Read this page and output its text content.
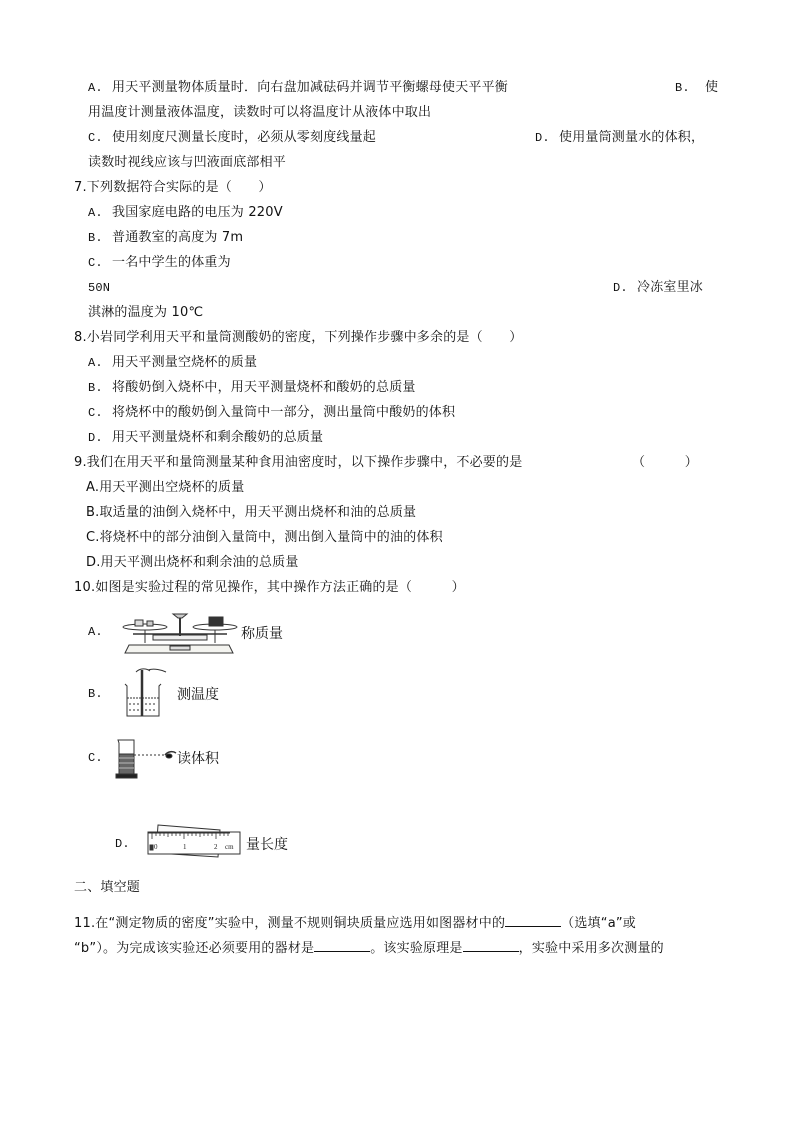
A. 用天平测量物体质量时．向右盘加减砝码并调节平衡螺母使天平平衡	B. 使
用温度计测量液体温度，读数时可以将温度计从液体中取出
C. 使用刻度尺测量长度时，必须从零刻度线量起	D. 使用量筒测量水的体积，
读数时视线应该与凹液面底部相平
7.下列数据符合实际的是（　　）
A. 我国家庭电路的电压为 220V
B. 普通教室的高度为 7m
C. 一名中学生的体重为
50N	D. 冷冻室里冰
淇淋的温度为 10℃
8.小岩同学利用天平和量筒测酸奶的密度，下列操作步骤中多余的是（　　）
A. 用天平测量空烧杯的质量
B. 将酸奶倒入烧杯中，用天平测量烧杯和酸奶的总质量
C. 将烧杯中的酸奶倒入量筒中一部分，测出量筒中酸奶的体积
D. 用天平测量烧杯和剩余酸奶的总质量
9.我们在用天平和量筒测量某种食用油密度时，以下操作步骤中，不必要的是	（　　　）
A.用天平测出空烧杯的质量
B.取适量的油倒入烧杯中，用天平测出烧杯和油的总质量
C.将烧杯中的部分油倒入量筒中，测出倒入量筒中的油的体积
D.用天平测出烧杯和剩余油的总质量
10.如图是实验过程的常见操作，其中操作方法正确的是（　　　）
A.	称质量
B.	测温度
C.	读体积
D.	0	1	2 cm 量长度
二、填空题
11.在“测定物质的密度”实验中，测量不规则铜块质量应选用如图器材中的	（选填“a”或
“b”）。为完成该实验还必须要用的器材是	。该实验原理是	，实验中采用多次测量的
